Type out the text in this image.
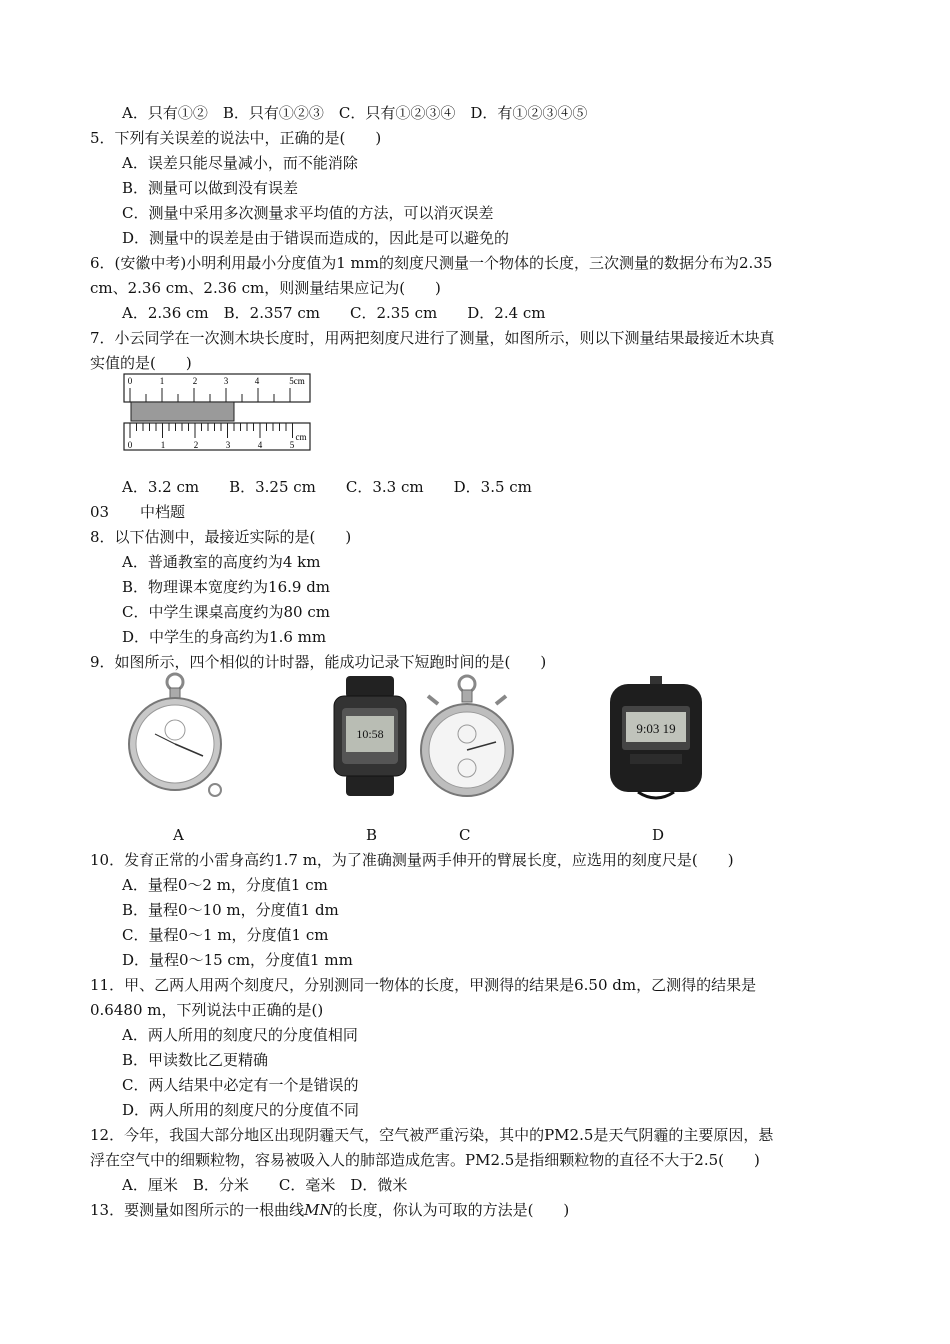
A．只有①②　B．只有①②③　C．只有①②③④　D．有①②③④⑤
5．下列有关误差的说法中，正确的是(　　)
A．误差只能尽量减小，而不能消除
B．测量可以做到没有误差
C．测量中采用多次测量求平均值的方法，可以消灭误差
D．测量中的误差是由于错误而造成的，因此是可以避免的
6．(安徽中考)小明利用最小分度值为1 mm的刻度尺测量一个物体的长度，三次测量的数据分布为2.35
cm、2.36 cm、2.36 cm，则测量结果应记为(　　)
A．2.36 cm　B．2.357 cm　　C．2.35 cm　　D．2.4 cm
7．小云同学在一次测木块长度时，用两把刻度尺进行了测量，如图所示，则以下测量结果最接近木块真
实值的是(　　)
0	1	2	3	4	5cm
0	1	2	3	4	5
cm
A．3.2 cm　　B．3.25 cm　　C．3.3 cm　　D．3.5 cm
03 中档题
8．以下估测中，最接近实际的是(　　)
A．普通教室的高度约为4 km
B．物理课本宽度约为16.9 dm
C．中学生课桌高度约为80 cm
D．中学生的身高约为1.6 mm
9．如图所示，四个相似的计时器，能成功记录下短跑时间的是(　　)
10:58	9:03 19
A	B	C	D
10．发育正常的小雷身高约1.7 m，为了准确测量两手伸开的臂展长度，应选用的刻度尺是(　　)
A．量程0～2 m，分度值1 cm
B．量程0～10 m，分度值1 dm
C．量程0～1 m，分度值1 cm
D．量程0～15 cm，分度值1 mm
11．甲、乙两人用两个刻度尺，分别测同一物体的长度，甲测得的结果是6.50 dm，乙测得的结果是
0.6480 m，下列说法中正确的是()
A．两人所用的刻度尺的分度值相同
B．甲读数比乙更精确
C．两人结果中必定有一个是错误的
D．两人所用的刻度尺的分度值不同
12．今年，我国大部分地区出现阴霾天气，空气被严重污染，其中的PM2.5是天气阴霾的主要原因，悬
浮在空气中的细颗粒物，容易被吸入人的肺部造成危害。PM2.5是指细颗粒物的直径不大于2.5(　　)
A．厘米　B．分米　　C．毫米　D．微米
13．要测量如图所示的一根曲线MN的长度，你认为可取的方法是(　　)
